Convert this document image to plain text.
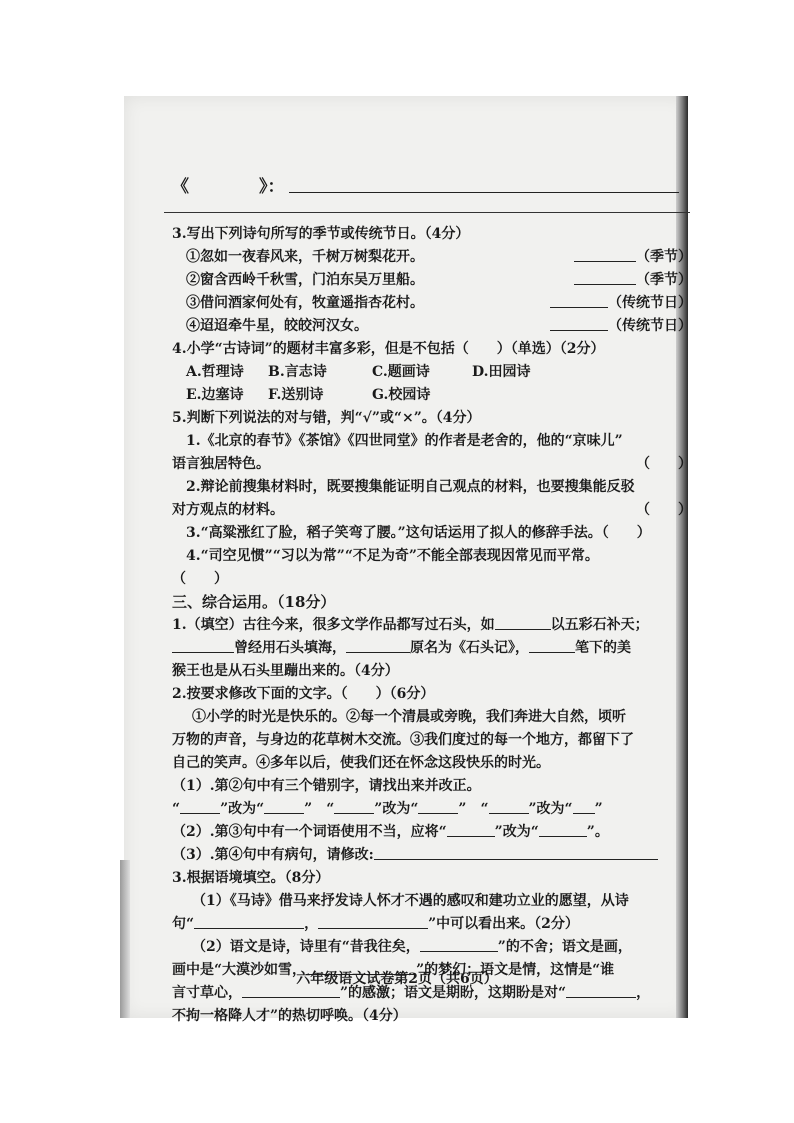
《	》：
3.写出下列诗句所写的季节或传统节日。（4分）
①忽如一夜春风来，千树万树梨花开。	（季节）
②窗含西岭千秋雪，门泊东吴万里船。	（季节）
③借问酒家何处有，牧童遥指杏花村。	（传统节日）
④迢迢牵牛星，皎皎河汉女。	（传统节日）
4.小学“古诗词”的题材丰富多彩，但是不包括（　　）（单选）（2分）
A.哲理诗 B.言志诗	C.题画诗	D.田园诗
E.边塞诗 F.送别诗	G.校园诗
5.判断下列说法的对与错，判“√”或“×”。（4分）
1.《北京的春节》《茶馆》《四世同堂》的作者是老舍的，他的“京味儿”
语言独居特色。	（　　）
2.辩论前搜集材料时，既要搜集能证明自己观点的材料，也要搜集能反驳
对方观点的材料。	（　　）
3.“高粱涨红了脸，稻子笑弯了腰。”这句话运用了拟人的修辞手法。（　　）
4.“司空见惯”“习以为常”“不足为奇”不能全部表现因常见而平常。
（　　）
三、综合运用。（18分）
1.（填空）古往今来，很多文学作品都写过石头，如	以五彩石补天；
曾经用石头填海，	原名为《石头记》，	笔下的美
猴王也是从石头里蹦出来的。（4分）
2.按要求修改下面的文字。（　　）（6分）
①小学的时光是快乐的。②每一个清晨或旁晚，我们奔进大自然，顷听
万物的声音，与身边的花草树木交流。③我们度过的每一个地方，都留下了
自己的笑声。④多年以后，使我们还在怀念这段快乐的时光。
（1）.第②句中有三个错别字，请找出来并改正。
“	”改为“	”　“	”改为“	”　“	”改为“ ”
（2）.第③句中有一个词语使用不当，应将“	”改为“	”。
（3）.第④句中有病句，请修改:
3.根据语境填空。（8分）
（1）《马诗》借马来抒发诗人怀才不遇的感叹和建功立业的愿望，从诗
句“	，	”中可以看出来。（2分）
（2）语文是诗，诗里有“昔我往矣，	”的不舍；语文是画，
画中是“大漠沙如雪，	”的梦幻；语文是情，这情是“谁
言寸草心，	”的感激；语文是期盼，这期盼是对“	，
不拘一格降人才”的热切呼唤。（4分）
六年级语文试卷第2页（共6页）
